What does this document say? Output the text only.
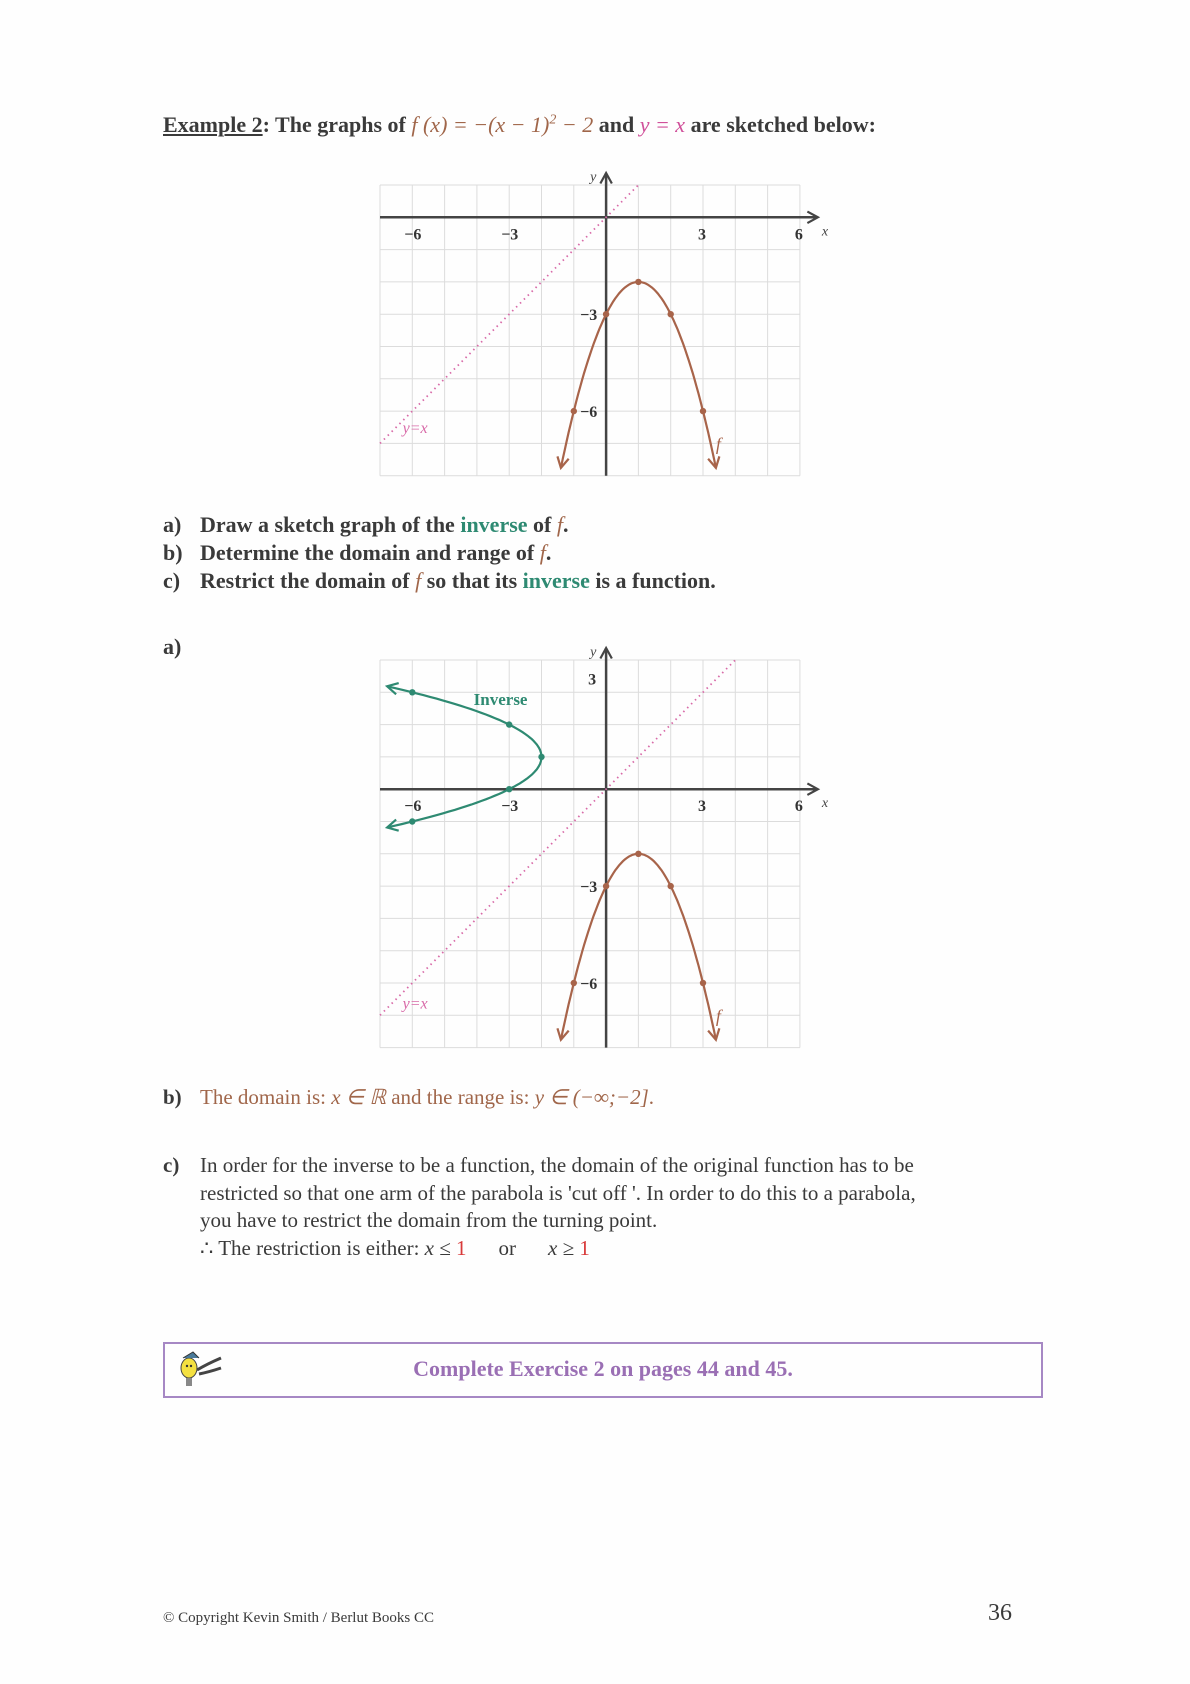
Example 2: The graphs of f $(x) = -(x - 1)^2 - 2$ and y = x are sketched below:
x
y
−6	−3	3	6
−3
−6
y=x
f
a) Draw a sketch graph of the inverse of f.
b) Determine the domain and range of f.
c) Restrict the domain of f so that its inverse is a function.
a)
x
y
−6	−3	3	6
3
−3
−6
y=x
f
Inverse
b) The domain is: x ∈ ℝ and the range is: y ∈ (−∞;−2].
c) In order for the inverse to be a function, the domain of the original function has to be
restricted so that one arm of the parabola is 'cut off '. In order to do this to a parabola,
you have to restrict the domain from the turning point.
∴ The restriction is either: x ≤ 1 or x ≥ 1
Complete Exercise 2 on pages 44 and 45.
© Copyright Kevin Smith / Berlut Books CC	36
